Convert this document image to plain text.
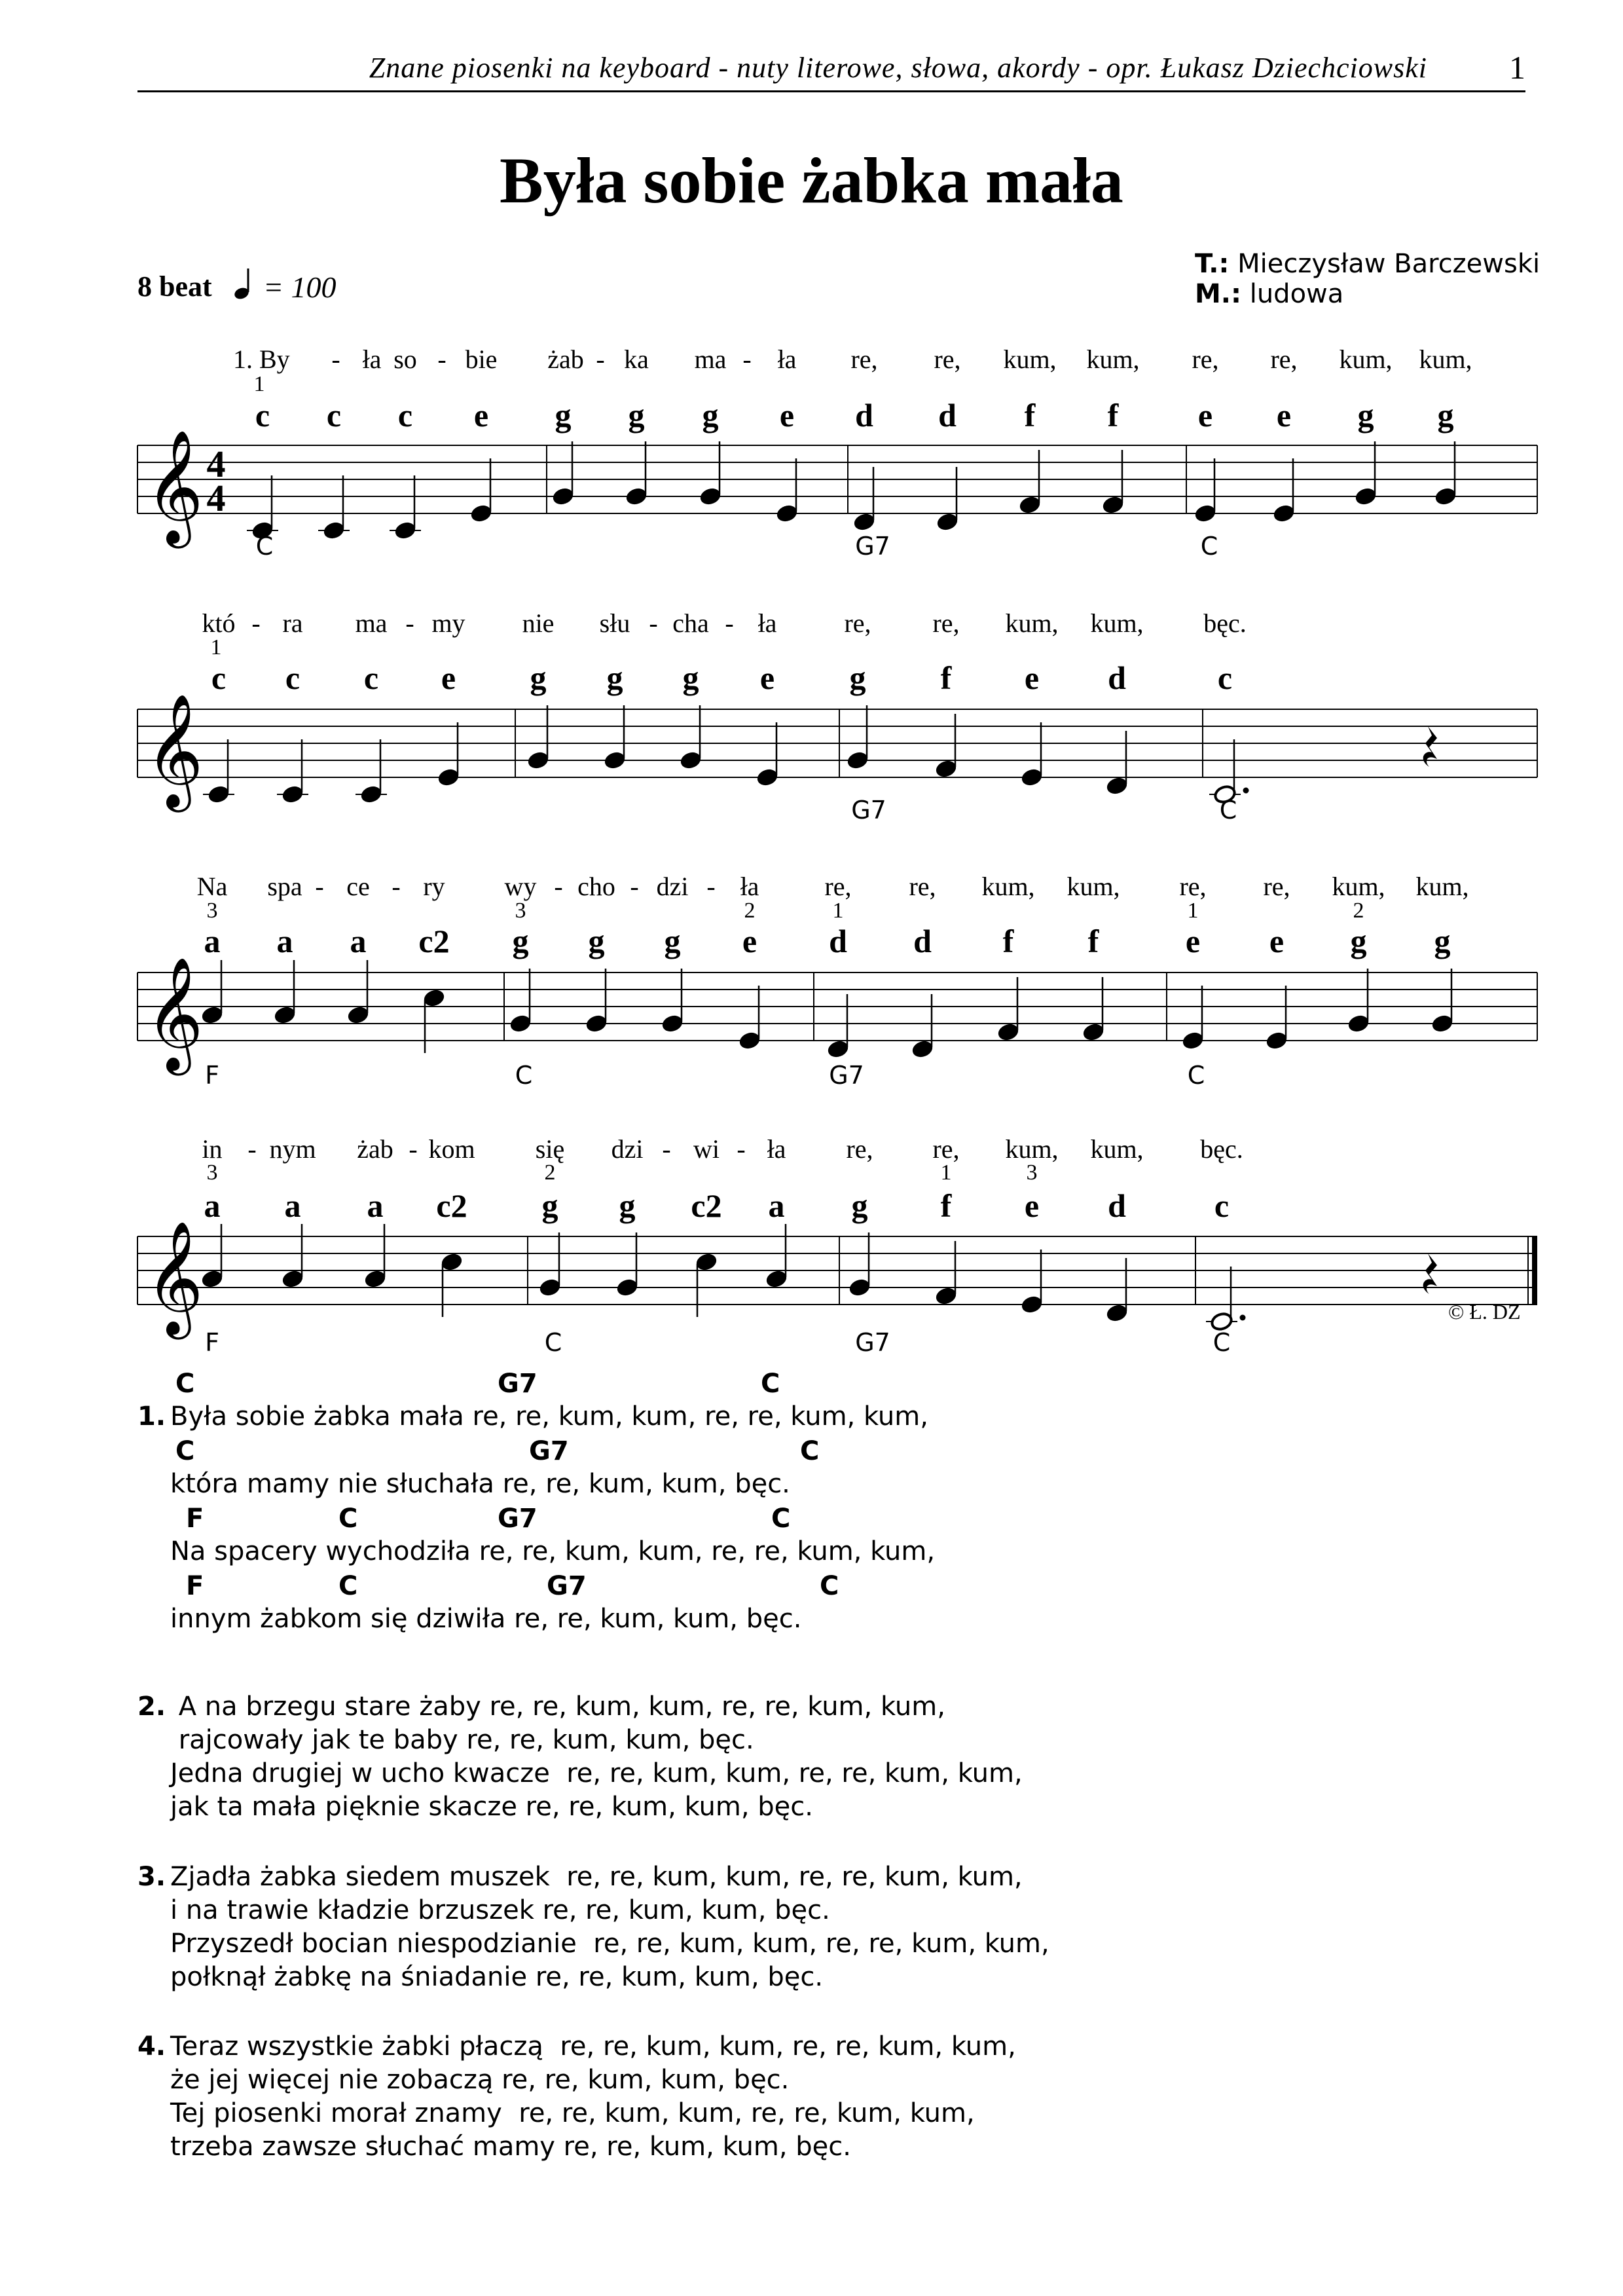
Znane piosenki na keyboard - nuty literowe, słowa, akordy - opr. Łukasz Dziechciowski	1
Była sobie żabka mała
8 beat = 100
T.: Mieczysław Barczewski
M.: ludowa
𝄞 4
4
𝄞
𝄞
𝄞
1. By - ła so - bie żab - ka ma - ła re, re, kum, kum, re, re, kum, kum,
1
c c c e g g g e d d f f e e g g
C	G7	C
któ - ra ma - my nie słu - cha - ła	re, re, kum, kum, bęc.
1
c c c e g g g e g f e d	c
G7	C
Na spa - ce - ry wy - cho - dzi - ła	re, re, kum, kum, re, re, kum, kum,
3	3	2	1	1	2
a a a c2 g g g e d d f f	e e g g
F	C	G7	C
in - nym żab - kom się dzi - wi - ła re, re, kum, kum, bęc.
3	2	1	3
a a a c2 g g c2 a g f e d	c
F	C	G7	C
© Ł. DZ
1. Była sobie żabka mała re, re, kum, kum, re, re, kum, kum,
C	G7	C
która mamy nie słuchała re, re, kum, kum, bęc.
C	G7	C
Na spacery wychodziła re, re, kum, kum, re, re, kum, kum,
F	C	G7	C
innym żabkom się dziwiła re, re, kum, kum, bęc.
F	C	G7	C
2. A na brzegu stare żaby re, re, kum, kum, re, re, kum, kum,
rajcowały jak te baby re, re, kum, kum, bęc.
Jedna drugiej w ucho kwacze  re, re, kum, kum, re, re, kum, kum,
jak ta mała pięknie skacze re, re, kum, kum, bęc.
3. Zjadła żabka siedem muszek  re, re, kum, kum, re, re, kum, kum,
i na trawie kładzie brzuszek re, re, kum, kum, bęc.
Przyszedł bocian niespodzianie  re, re, kum, kum, re, re, kum, kum,
połknął żabkę na śniadanie re, re, kum, kum, bęc.
4. Teraz wszystkie żabki płaczą  re, re, kum, kum, re, re, kum, kum,
że jej więcej nie zobaczą re, re, kum, kum, bęc.
Tej piosenki morał znamy  re, re, kum, kum, re, re, kum, kum,
trzeba zawsze słuchać mamy re, re, kum, kum, bęc.
